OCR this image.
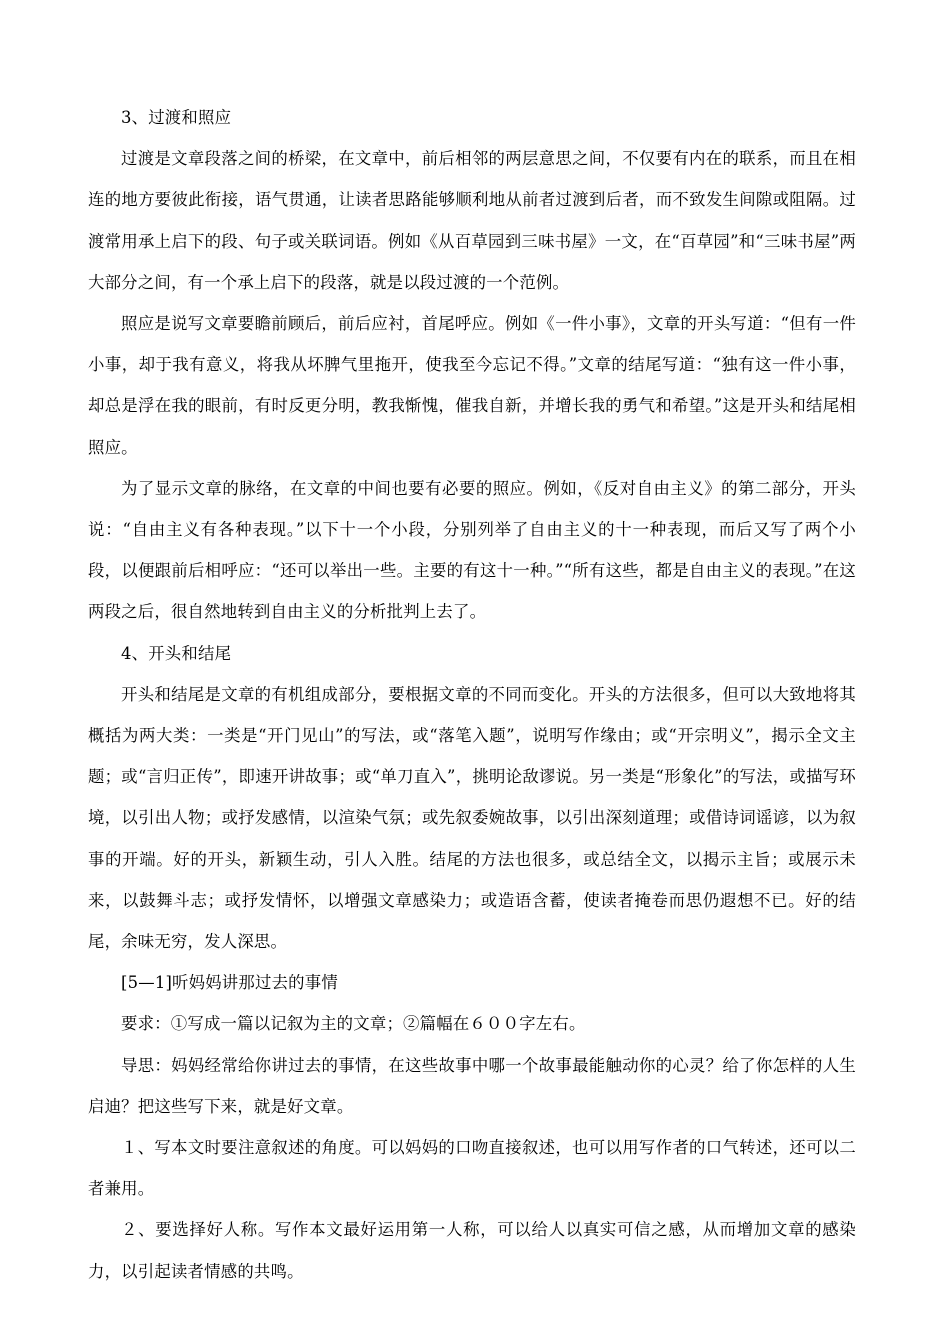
3、过渡和照应

过渡是文章段落之间的桥梁，在文章中，前后相邻的两层意思之间，不仅要有内在的联系，而且在相连的地方要彼此衔接，语气贯通，让读者思路能够顺利地从前者过渡到后者，而不致发生间隙或阻隔。过渡常用承上启下的段、句子或关联词语。例如《从百草园到三味书屋》一文，在“百草园”和“三味书屋”两大部分之间，有一个承上启下的段落，就是以段过渡的一个范例。

照应是说写文章要瞻前顾后，前后应衬，首尾呼应。例如《一件小事》，文章的开头写道：“但有一件小事，却于我有意义，将我从坏脾气里拖开，使我至今忘记不得。”文章的结尾写道：“独有这一件小事，却总是浮在我的眼前，有时反更分明，教我惭愧，催我自新，并增长我的勇气和希望。”这是开头和结尾相照应。

为了显示文章的脉络，在文章的中间也要有必要的照应。例如，《反对自由主义》的第二部分，开头说：“自由主义有各种表现。”以下十一个小段，分别列举了自由主义的十一种表现，而后又写了两个小段，以便跟前后相呼应：“还可以举出一些。主要的有这十一种。”“所有这些，都是自由主义的表现。”在这两段之后，很自然地转到自由主义的分析批判上去了。

4、开头和结尾

开头和结尾是文章的有机组成部分，要根据文章的不同而变化。开头的方法很多，但可以大致地将其概括为两大类：一类是“开门见山”的写法，或“落笔入题”，说明写作缘由；或“开宗明义”，揭示全文主题；或“言归正传”，即速开讲故事；或“单刀直入”，挑明论敌谬说。另一类是“形象化”的写法，或描写环境，以引出人物；或抒发感情，以渲染气氛；或先叙委婉故事，以引出深刻道理；或借诗词谣谚，以为叙事的开端。好的开头，新颖生动，引人入胜。结尾的方法也很多，或总结全文，以揭示主旨；或展示未来，以鼓舞斗志；或抒发情怀，以增强文章感染力；或造语含蓄，使读者掩卷而思仍遐想不已。好的结尾，余味无穷，发人深思。

[5—1]听妈妈讲那过去的事情

要求：①写成一篇以记叙为主的文章；②篇幅在６００字左右。

导思：妈妈经常给你讲过去的事情，在这些故事中哪一个故事最能触动你的心灵？给了你怎样的人生启迪？把这些写下来，就是好文章。

１、写本文时要注意叙述的角度。可以妈妈的口吻直接叙述，也可以用写作者的口气转述，还可以二者兼用。

２、要选择好人称。写作本文最好运用第一人称，可以给人以真实可信之感，从而增加文章的感染力，以引起读者情感的共鸣。
